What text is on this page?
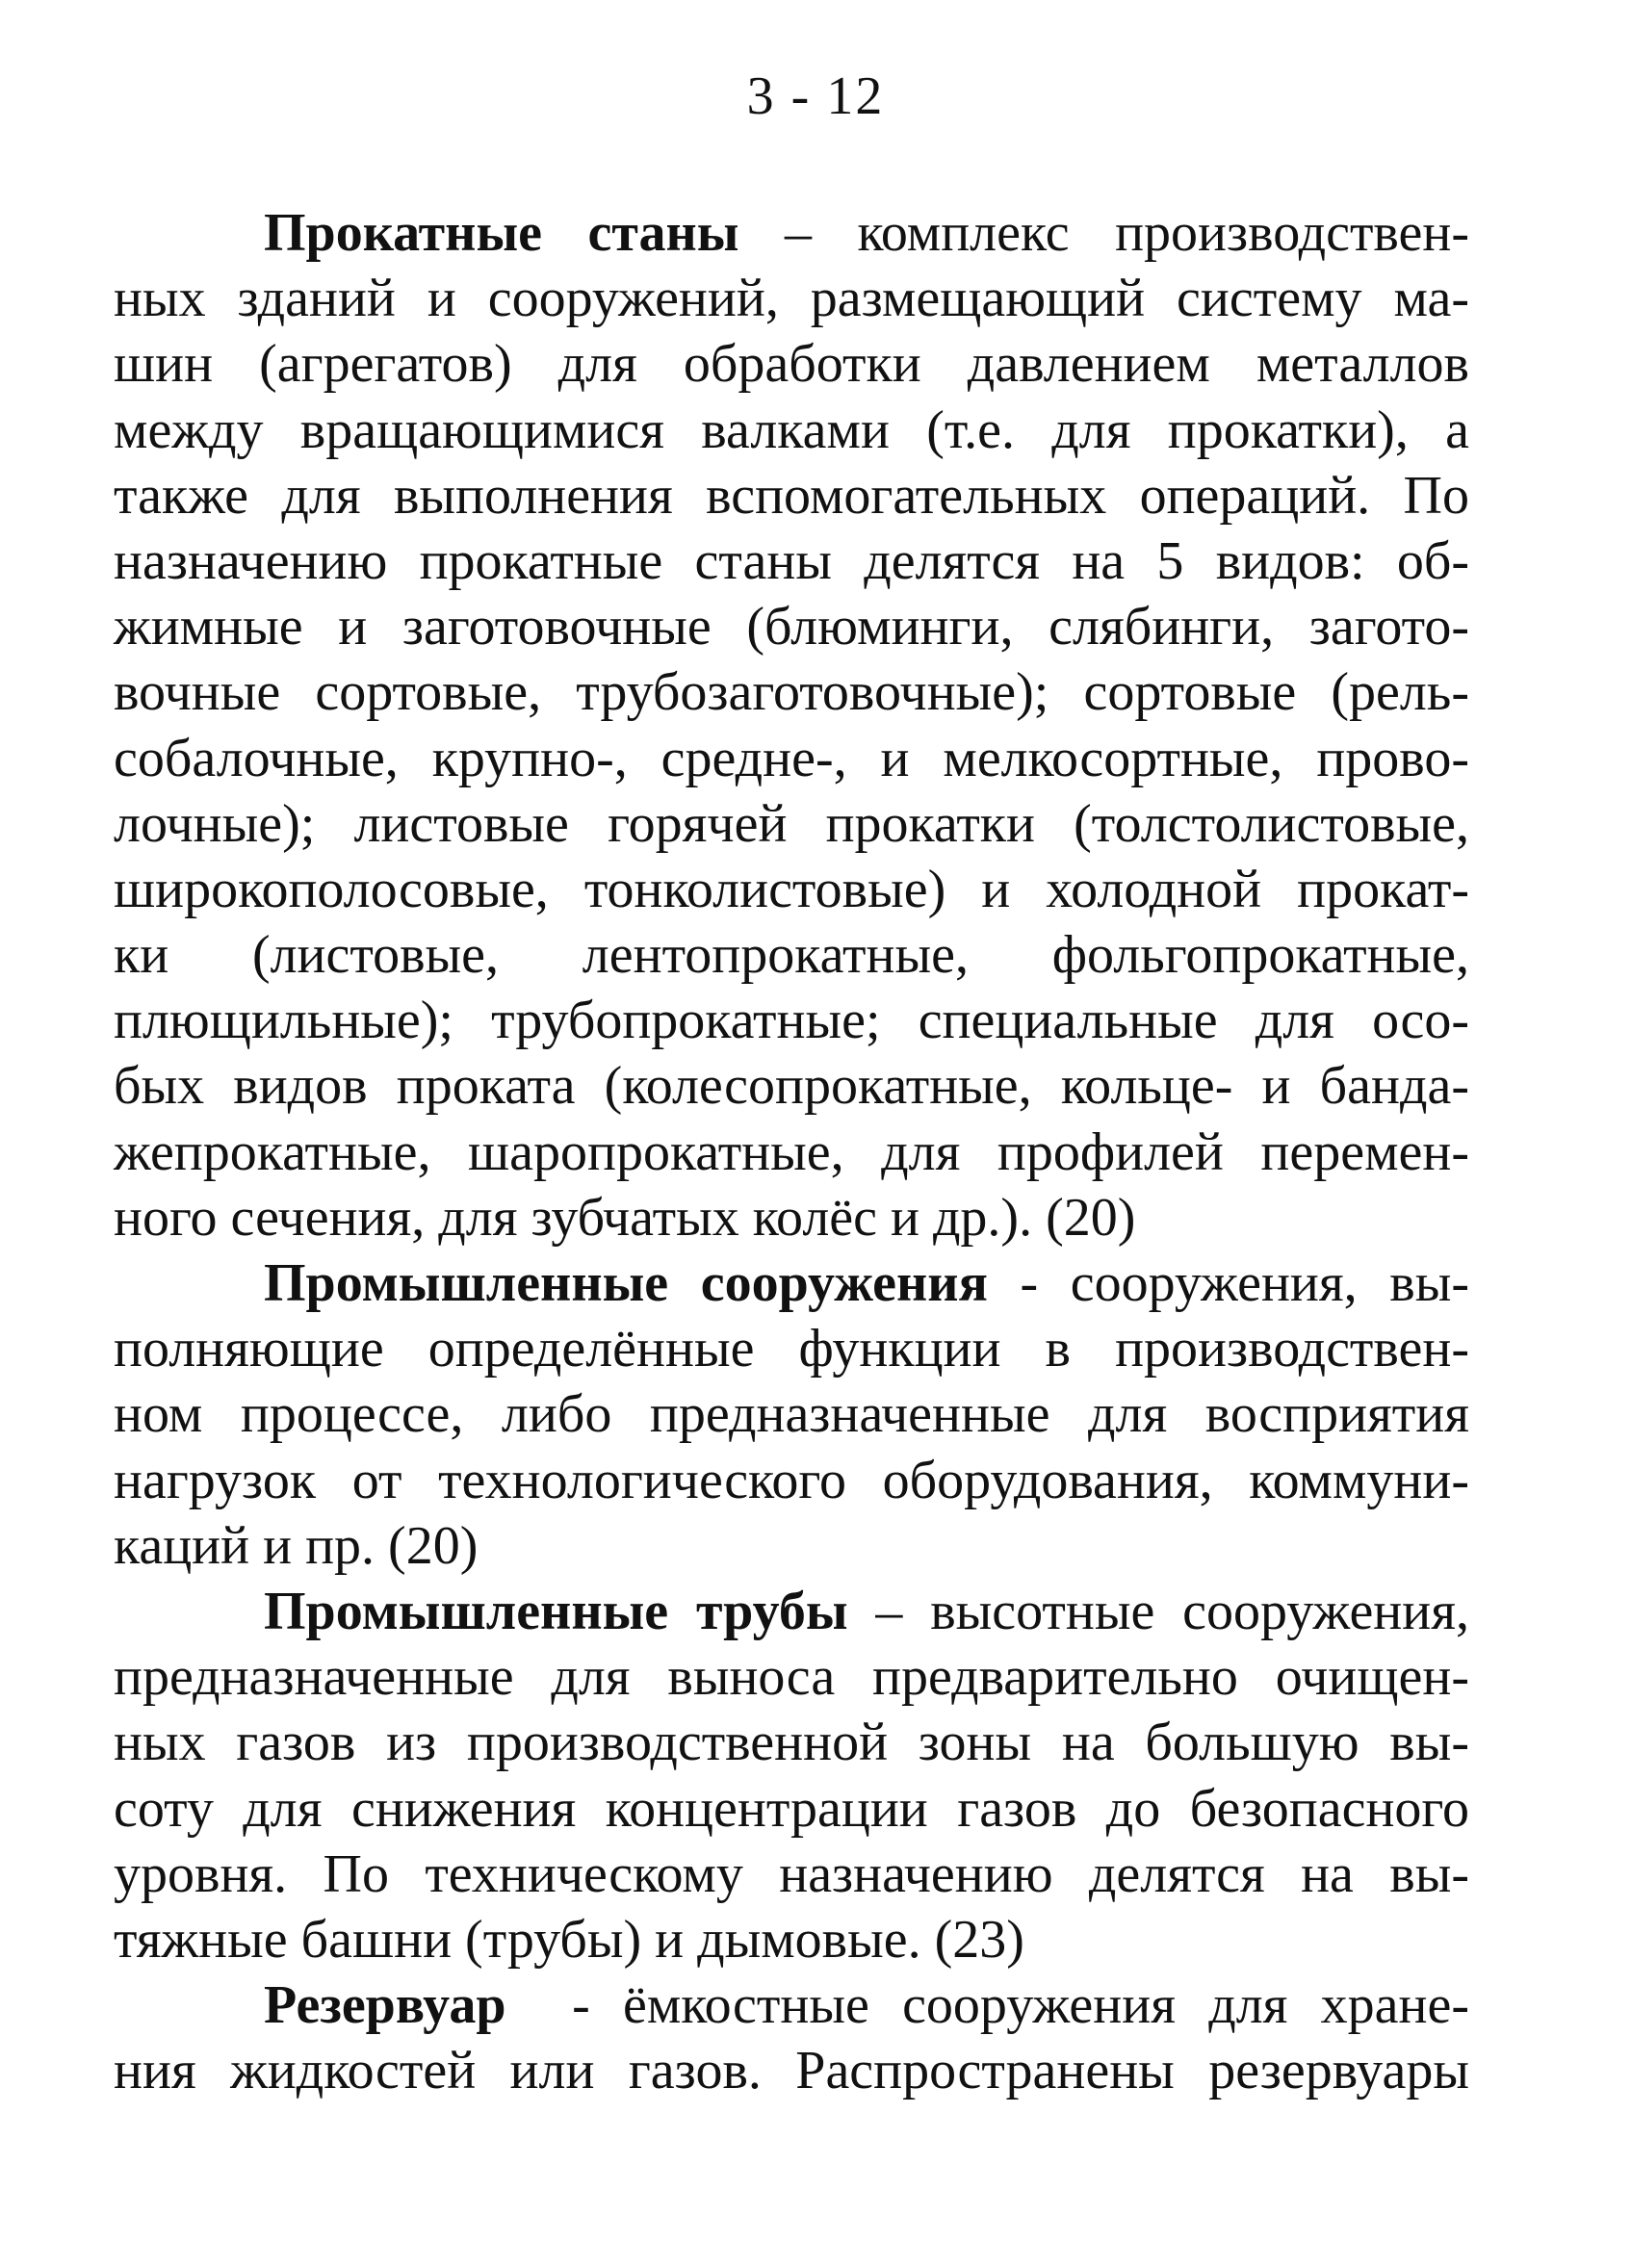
3 - 12
Прокатные станы – комплекс производствен-
ных зданий и сооружений, размещающий систему ма-
шин (агрегатов) для обработки давлением металлов
между вращающимися валками (т.е. для прокатки), а
также для выполнения вспомогательных операций. По
назначению прокатные станы делятся на 5 видов: об-
жимные и заготовочные (блюминги, слябинги, загото-
вочные сортовые, трубозаготовочные); сортовые (рель-
собалочные, крупно-, средне-, и мелкосортные, прово-
лочные); листовые горячей прокатки (толстолистовые,
широкополосовые, тонколистовые) и холодной прокат-
ки (листовые, лентопрокатные, фольгопрокатные,
плющильные); трубопрокатные; специальные для осо-
бых видов проката (колесопрокатные, кольце- и банда-
жепрокатные, шаропрокатные, для профилей перемен-
ного сечения, для зубчатых колёс и др.). (20)
Промышленные сооружения - сооружения, вы-
полняющие определённые функции в производствен-
ном процессе, либо предназначенные для восприятия
нагрузок от технологического оборудования, коммуни-
каций и пр. (20)
Промышленные трубы – высотные сооружения,
предназначенные для выноса предварительно очищен-
ных газов из производственной зоны на большую вы-
соту для снижения концентрации газов до безопасного
уровня. По техническому назначению делятся на вы-
тяжные башни (трубы) и дымовые. (23)
Резервуар  - ёмкостные сооружения для хране-
ния жидкостей или газов. Распространены резервуары
